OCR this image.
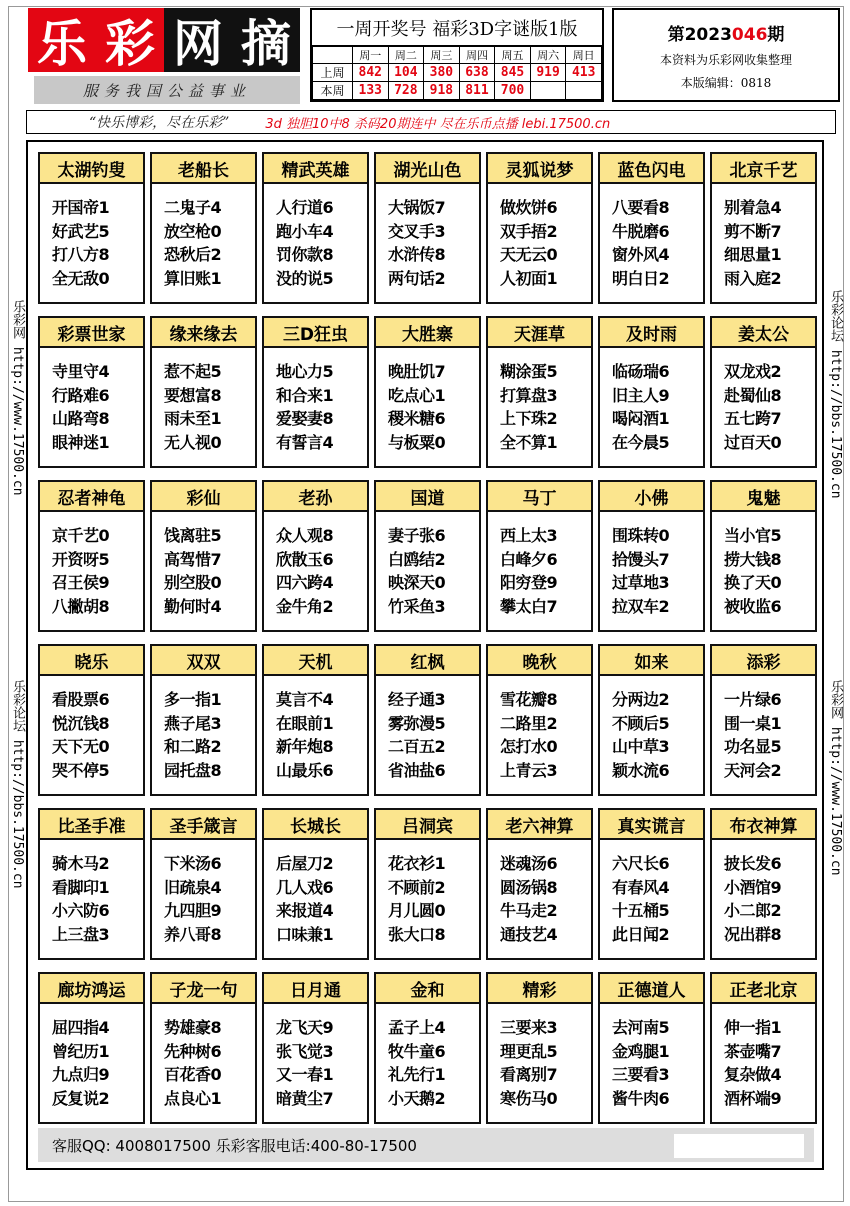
乐 彩 网 摘
服务我国公益事业
一周开奖号 福彩3D字谜版1版
	周一	周二	周三	周四	周五	周六	周日
上周	842	104	380	638	845	919	413
本周	133	728	918	811	700		
第2023046期
本资料为乐彩网收集整理
本版编辑：0818
“快乐博彩，尽在乐彩”	3d 独胆10中8 杀码20期连中 尽在乐币点播 lebi.17500.cn
乐彩网 http://www.17500.cn
乐彩论坛 http://bbs.17500.cn
乐彩论坛 http://bbs.17500.cn
乐彩网 http://www.17500.cn
太湖钓叟
开国帝1
好武艺5
打八方8
全无敌0
老船长
二鬼子4
放空枪0
恐秋后2
算旧账1
精武英雄
人行道6
跑小车4
罚你款8
没的说5
湖光山色
大锅饭7
交叉手3
水浒传8
两句话2
灵狐说梦
做炊饼6
双手捂2
天无云0
人初面1
蓝色闪电
八要看8
牛脱磨6
窗外风4
明白日2
北京千艺
别着急4
剪不断7
细思量1
雨入庭2
彩票世家
寺里守4
行路难6
山路弯8
眼神迷1
缘来缘去
惹不起5
要想富8
雨未至1
无人视0
三D狂虫
地心力5
和合来1
爱娶妻8
有誓言4
大胜寨
晚肚饥7
吃点心1
稷米糖6
与板粟0
天涯草
糊涂蛋5
打算盘3
上下珠2
全不算1
及时雨
临砀瑞6
旧主人9
喝闷酒1
在今晨5
姜太公
双龙戏2
赴蜀仙8
五七跨7
过百天0
忍者神龟
京千艺0
开资呀5
召王侯9
八撇胡8
彩仙
饯离驻5
高驾惜7
别空股0
勤何时4
老孙
众人观8
欣散玉6
四六跨4
金牛角2
国道
妻子张6
白鸥结2
映深天0
竹采鱼3
马丁
西上太3
白峰夕6
阳穷登9
攀太白7
小佛
围珠转0
拾馒头7
过草地3
拉双车2
鬼魅
当小官5
捞大钱8
换了天0
被收监6
晓乐
看股票6
悦沉钱8
天下无0
哭不停5
双双
多一指1
燕子尾3
和二路2
园托盘8
天机
莫言不4
在眼前1
新年炮8
山最乐6
红枫
经子通3
雾弥漫5
二百五2
省油盐6
晚秋
雪花瓣8
二路里2
怎打水0
上青云3
如来
分两边2
不顾后5
山中草3
颖水流6
添彩
一片绿6
围一桌1
功名显5
天河会2
比圣手准
骑木马2
看脚印1
小六防6
上三盘3
圣手箴言
下米汤6
旧疏泉4
九四胆9
养八哥8
长城长
后屋刀2
几人戏6
来报道4
口味兼1
吕洞宾
花衣衫1
不顾前2
月儿圆0
张大口8
老六神算
迷魂汤6
圆汤锅8
牛马走2
通技艺4
真实谎言
六尺长6
有春风4
十五桶5
此日闻2
布衣神算
披长发6
小酒馆9
小二郎2
况出群8
廊坊鸿运
屈四指4
曾纪历1
九点归9
反复说2
子龙一句
势雄豪8
先种树6
百花香0
点良心1
日月通
龙飞天9
张飞觉3
又一春1
暗黄尘7
金和
孟子上4
牧牛童6
礼先行1
小天鹅2
精彩
三要来3
理更乱5
看离别7
寒伤马0
正德道人
去河南5
金鸡腿1
三要看3
酱牛肉6
正老北京
伸一指1
茶壶嘴7
复杂做4
酒杯端9
客服QQ: 4008017500 乐彩客服电话:400-80-17500
